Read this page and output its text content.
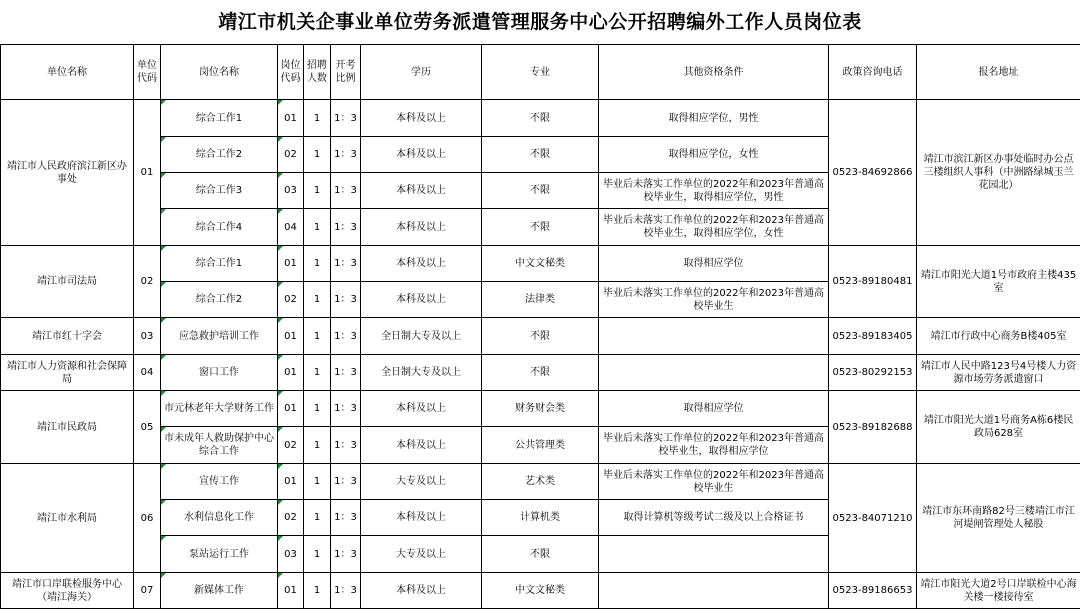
靖江市机关企事业单位劳务派遣管理服务中心公开招聘编外工作人员岗位表
单位名称	单位代码	岗位名称	岗位代码	招聘人数	开考比例	学历	专业	其他资格条件	政策咨询电话	报名地址
靖江市人民政府滨江新区办事处	01	综合工作1	01	1	1：3	本科及以上	不限	取得相应学位，男性	0523-84692866	靖江市滨江新区办事处临时办公点三楼组织人事科（中洲路绿城玉兰花园北）
		综合工作2	02	1	1：3	本科及以上	不限	取得相应学位，女性		
		综合工作3	03	1	1：3	本科及以上	不限	毕业后未落实工作单位的2022年和2023年普通高校毕业生，取得相应学位，男性		
		综合工作4	04	1	1：3	本科及以上	不限	毕业后未落实工作单位的2022年和2023年普通高校毕业生，取得相应学位，女性		
靖江市司法局	02	综合工作1	01	1	1：3	本科及以上	中文文秘类	取得相应学位	0523-89180481	靖江市阳光大道1号市政府主楼435室
		综合工作2	02	1	1：3	本科及以上	法律类	毕业后未落实工作单位的2022年和2023年普通高校毕业生		
靖江市红十字会	03	应急救护培训工作	01	1	1：3	全日制大专及以上	不限		0523-89183405	靖江市行政中心商务B楼405室
靖江市人力资源和社会保障局	04	窗口工作	01	1	1：3	全日制大专及以上	不限		0523-80292153	靖江市人民中路123号4号楼人力资源市场劳务派遣窗口
靖江市民政局	05	市元林老年大学财务工作	01	1	1：3	本科及以上	财务财会类	取得相应学位	0523-89182688	靖江市阳光大道1号商务A栋6楼民政局628室
		市未成年人救助保护中心综合工作	02	1	1：3	本科及以上	公共管理类	毕业后未落实工作单位的2022年和2023年普通高校毕业生，取得相应学位		
靖江市水利局	06	宣传工作	01	1	1：3	大专及以上	艺术类	毕业后未落实工作单位的2022年和2023年普通高校毕业生	0523-84071210	靖江市东环南路82号三楼靖江市江河堤闸管理处人秘股
		水利信息化工作	02	1	1：3	本科及以上	计算机类	取得计算机等级考试二级及以上合格证书		
		泵站运行工作	03	1	1：3	大专及以上	不限			
靖江市口岸联检服务中心（靖江海关）	07	新媒体工作	01	1	1：3	本科及以上	中文文秘类		0523-89186653	靖江市阳光大道2号口岸联检中心海关楼一楼接待室
